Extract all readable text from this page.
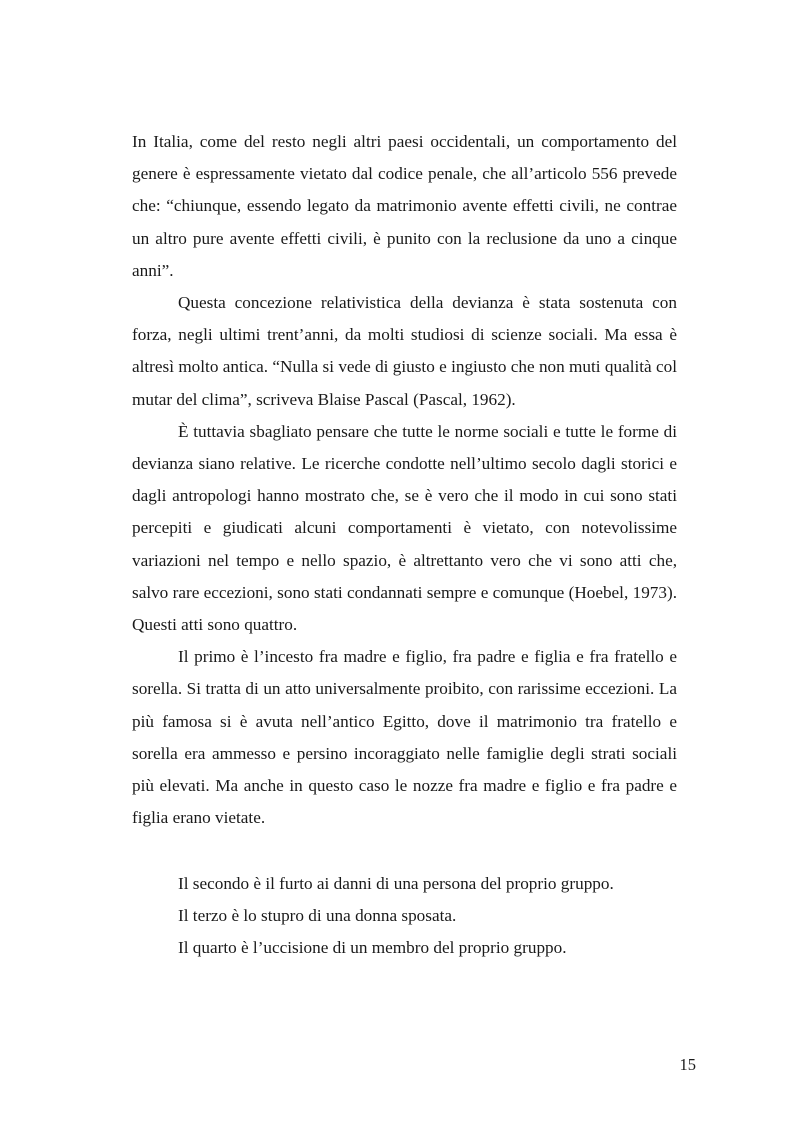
In Italia, come del resto negli altri paesi occidentali, un comportamento del genere è espressamente vietato dal codice penale, che all’articolo 556 prevede che: “chiunque, essendo legato da matrimonio avente effetti civili, ne contrae un altro pure avente effetti civili, è punito con la reclusione da uno a cinque anni”.

Questa concezione relativistica della devianza è stata sostenuta con forza, negli ultimi trent’anni, da molti studiosi di scienze sociali. Ma essa è altresì molto antica. “Nulla si vede di giusto e ingiusto che non muti qualità col mutar del clima”, scriveva Blaise Pascal (Pascal, 1962).

È tuttavia sbagliato pensare che tutte le norme sociali e tutte le forme di devianza siano relative. Le ricerche condotte nell’ultimo secolo dagli storici e dagli antropologi hanno mostrato che, se è vero che il modo in cui sono stati percepiti e giudicati alcuni comportamenti è vietato, con notevolissime variazioni nel tempo e nello spazio, è altrettanto vero che vi sono atti che, salvo rare eccezioni, sono stati condannati sempre e comunque (Hoebel, 1973). Questi atti sono quattro.

Il primo è l’incesto fra madre e figlio, fra padre e figlia e fra fratello e sorella. Si tratta di un atto universalmente proibito, con rarissime eccezioni. La più famosa si è avuta nell’antico Egitto, dove il matrimonio tra fratello e sorella era ammesso e persino incoraggiato nelle famiglie degli strati sociali più elevati. Ma anche in questo caso le nozze fra madre e figlio e fra padre e figlia erano vietate.

Il secondo è il furto ai danni di una persona del proprio gruppo.

Il terzo è lo stupro di una donna sposata.

Il quarto è l’uccisione di un membro del proprio gruppo.

15
